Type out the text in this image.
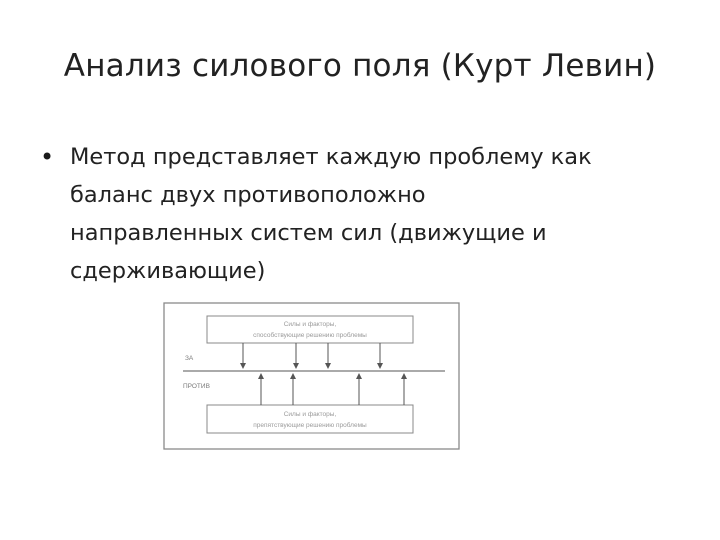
Анализ силового поля (Курт Левин)
• Метод представляет каждую проблему как
баланс двух противоположно
направленных систем сил (движущие и
сдерживающие)
Силы и факторы,
способствующие решению проблемы
Силы и факторы,
препятствующие решению проблемы
ЗА
ПРОТИВ
